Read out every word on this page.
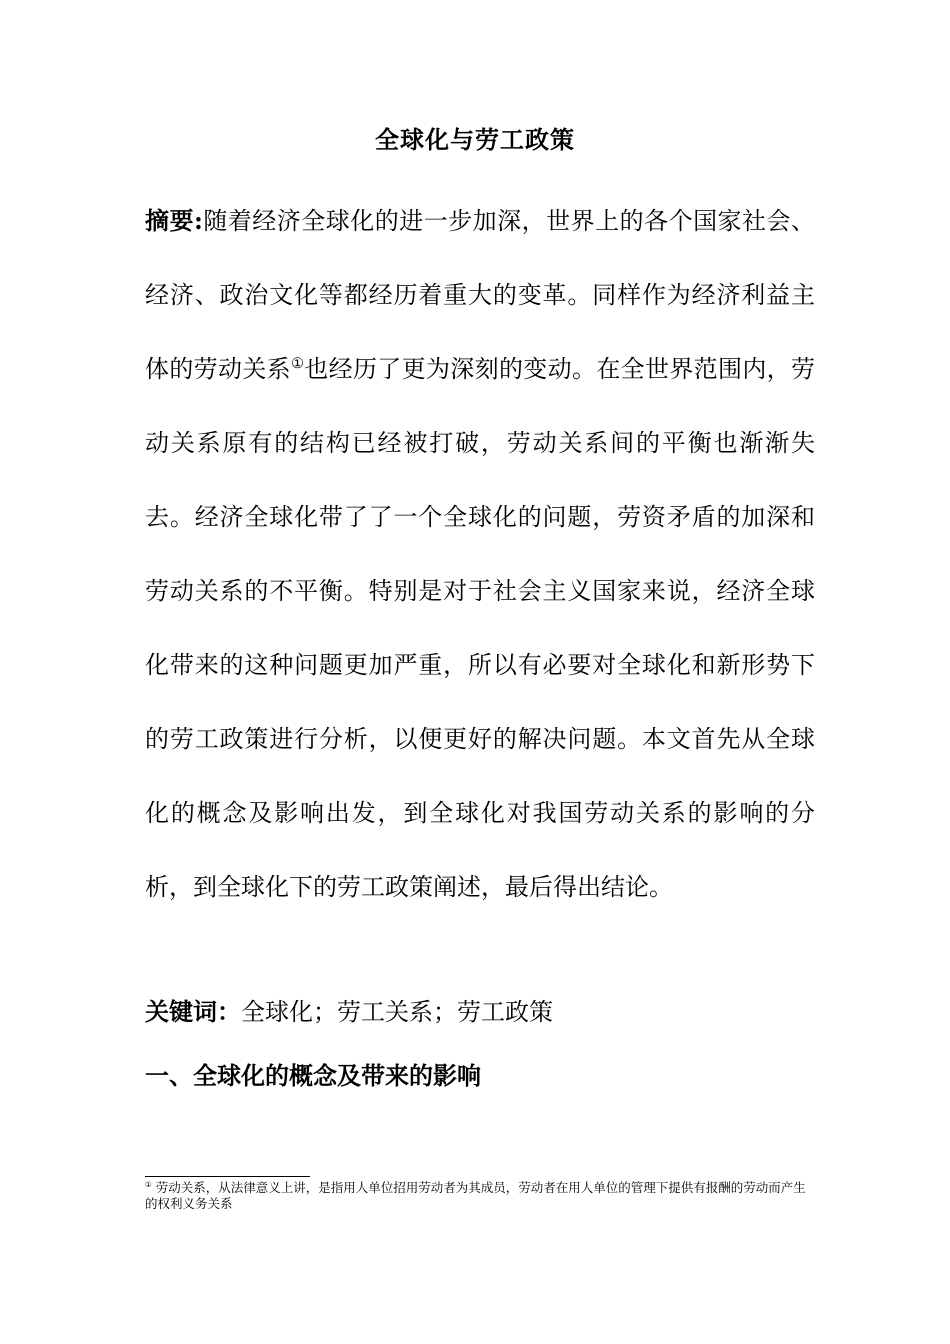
全球化与劳工政策

摘要:随着经济全球化的进一步加深，世界上的各个国家社会、经济、政治文化等都经历着重大的变革。同样作为经济利益主体的劳动关系①也经历了更为深刻的变动。在全世界范围内，劳动关系原有的结构已经被打破，劳动关系间的平衡也渐渐失去。经济全球化带了了一个全球化的问题，劳资矛盾的加深和劳动关系的不平衡。特别是对于社会主义国家来说，经济全球化带来的这种问题更加严重，所以有必要对全球化和新形势下的劳工政策进行分析，以便更好的解决问题。本文首先从全球化的概念及影响出发，到全球化对我国劳动关系的影响的分析，到全球化下的劳工政策阐述，最后得出结论。

关键词：全球化；劳工关系；劳工政策

一、全球化的概念及带来的影响

① 劳动关系，从法律意义上讲，是指用人单位招用劳动者为其成员，劳动者在用人单位的管理下提供有报酬的劳动而产生的权利义务关系
